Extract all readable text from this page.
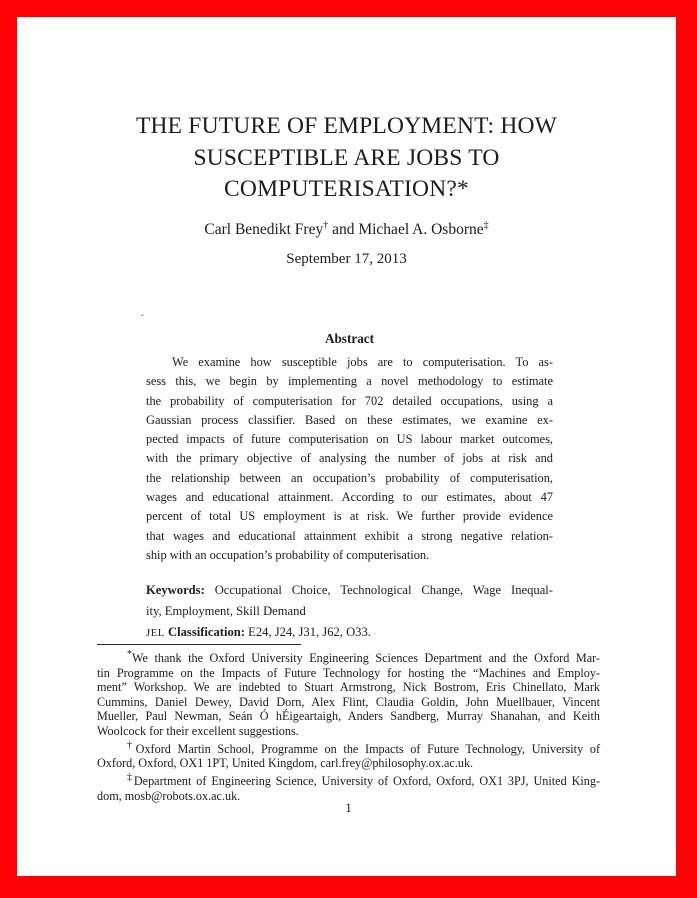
THE FUTURE OF EMPLOYMENT: HOW
SUSCEPTIBLE ARE JOBS TO
COMPUTERISATION?*
Carl Benedikt Frey† and Michael A. Osborne‡
September 17, 2013
.
Abstract
We examine how susceptible jobs are to computerisation. To as-
sess this, we begin by implementing a novel methodology to estimate
the probability of computerisation for 702 detailed occupations, using a
Gaussian process classifier. Based on these estimates, we examine ex-
pected impacts of future computerisation on US labour market outcomes,
with the primary objective of analysing the number of jobs at risk and
the relationship between an occupation’s probability of computerisation,
wages and educational attainment. According to our estimates, about 47
percent of total US employment is at risk. We further provide evidence
that wages and educational attainment exhibit a strong negative relation-
ship with an occupation’s probability of computerisation.
Keywords: Occupational Choice, Technological Change, Wage Inequal-
ity, Employment, Skill Demand
JEL Classification: E24, J24, J31, J62, O33.
*We thank the Oxford University Engineering Sciences Department and the Oxford Mar-
tin Programme on the Impacts of Future Technology for hosting the “Machines and Employ-
ment” Workshop. We are indebted to Stuart Armstrong, Nick Bostrom, Eris Chinellato, Mark
Cummins, Daniel Dewey, David Dorn, Alex Flint, Claudia Goldin, John Muellbauer, Vincent
Mueller, Paul Newman, Seán Ó hÉigeartaigh, Anders Sandberg, Murray Shanahan, and Keith
Woolcock for their excellent suggestions.
†Oxford Martin School, Programme on the Impacts of Future Technology, University of
Oxford, Oxford, OX1 1PT, United Kingdom, carl.frey@philosophy.ox.ac.uk.
‡Department of Engineering Science, University of Oxford, Oxford, OX1 3PJ, United King-
dom, mosb@robots.ox.ac.uk.
1
